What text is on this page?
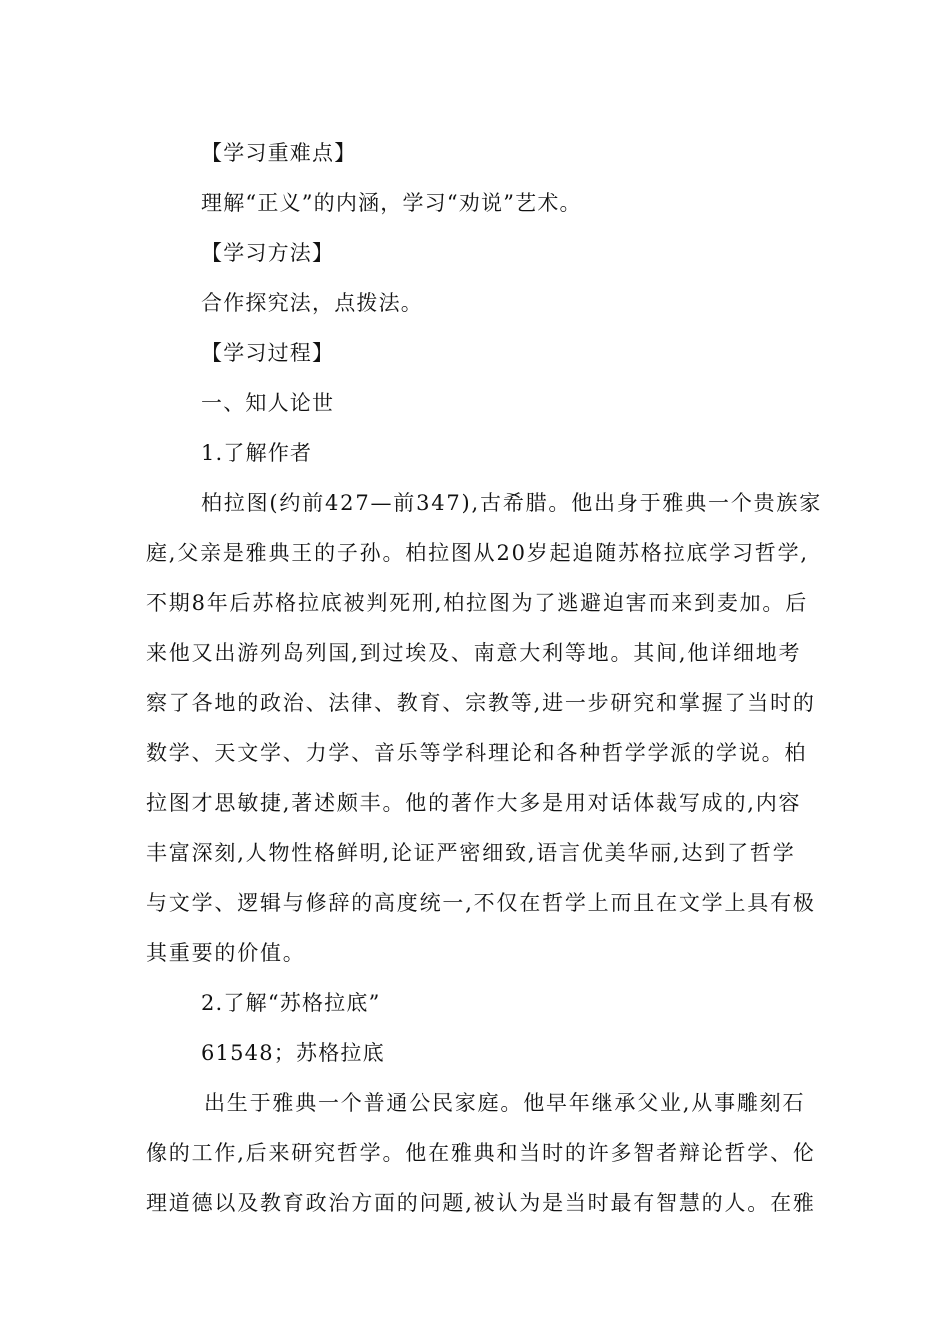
【学习重难点】
理解“正义”的内涵，学习“劝说”艺术。
【学习方法】
合作探究法，点拨法。
【学习过程】
一、知人论世
1.了解作者
柏拉图(约前427—前347),古希腊。他出身于雅典一个贵族家
庭,父亲是雅典王的子孙。柏拉图从20岁起追随苏格拉底学习哲学,
不期8年后苏格拉底被判死刑,柏拉图为了逃避迫害而来到麦加。后
来他又出游列岛列国,到过埃及、南意大利等地。其间,他详细地考
察了各地的政治、法律、教育、宗教等,进一步研究和掌握了当时的
数学、天文学、力学、音乐等学科理论和各种哲学学派的学说。柏
拉图才思敏捷,著述颇丰。他的著作大多是用对话体裁写成的,内容
丰富深刻,人物性格鲜明,论证严密细致,语言优美华丽,达到了哲学
与文学、逻辑与修辞的高度统一,不仅在哲学上而且在文学上具有极
其重要的价值。
2.了解“苏格拉底”
61548；苏格拉底
出生于雅典一个普通公民家庭。他早年继承父业,从事雕刻石
像的工作,后来研究哲学。他在雅典和当时的许多智者辩论哲学、伦
理道德以及教育政治方面的问题,被认为是当时最有智慧的人。在雅
